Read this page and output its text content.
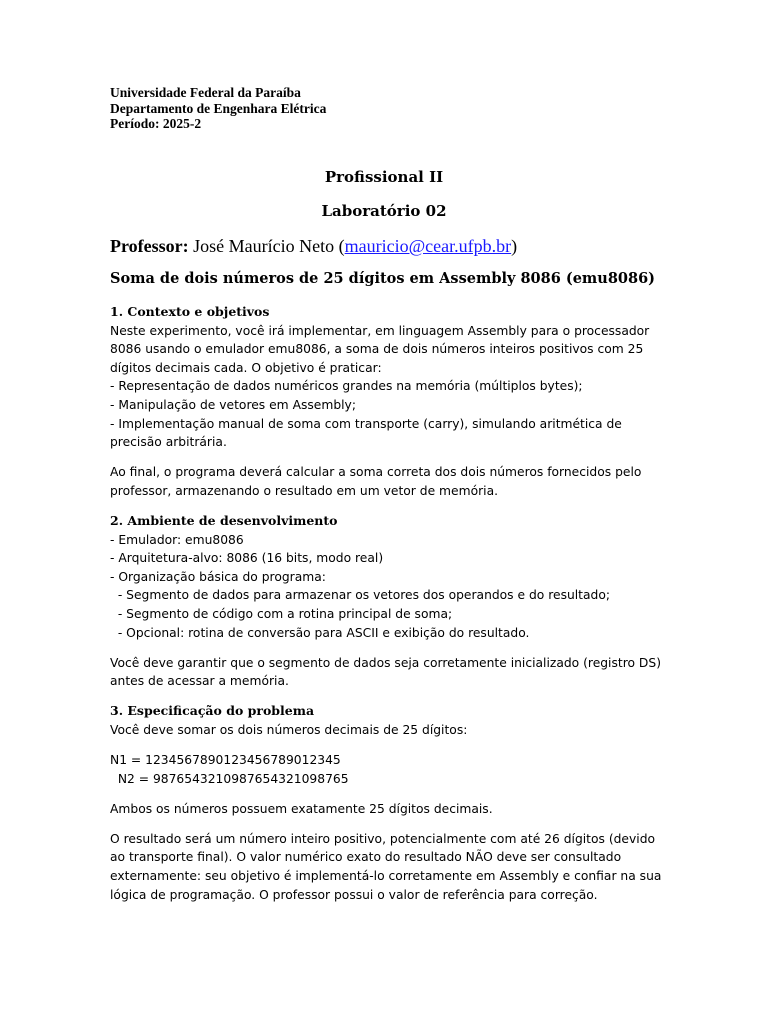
Universidade Federal da Paraíba
Departamento de Engenhara Elétrica
Período: 2025-2
Profissional II
Laboratório 02
Professor: José Maurício Neto (mauricio@cear.ufpb.br)
Soma de dois números de 25 dígitos em Assembly 8086 (emu8086)
1. Contexto e objetivos

Neste experimento, você irá implementar, em linguagem Assembly para o processador 8086 usando o emulador emu8086, a soma de dois números inteiros positivos com 25 dígitos decimais cada. O objetivo é praticar:

- Representação de dados numéricos grandes na memória (múltiplos bytes);

- Manipulação de vetores em Assembly;

- Implementação manual de soma com transporte (carry), simulando aritmética de precisão arbitrária.

Ao final, o programa deverá calcular a soma correta dos dois números fornecidos pelo professor, armazenando o resultado em um vetor de memória.

2. Ambiente de desenvolvimento

- Emulador: emu8086

- Arquitetura-alvo: 8086 (16 bits, modo real)

- Organização básica do programa:

- Segmento de dados para armazenar os vetores dos operandos e do resultado;

- Segmento de código com a rotina principal de soma;

- Opcional: rotina de conversão para ASCII e exibição do resultado.

Você deve garantir que o segmento de dados seja corretamente inicializado (registro DS) antes de acessar a memória.

3. Especificação do problema

Você deve somar os dois números decimais de 25 dígitos:

N1 = 1234567890123456789012345

N2 = 9876543210987654321098765

Ambos os números possuem exatamente 25 dígitos decimais.

O resultado será um número inteiro positivo, potencialmente com até 26 dígitos (devido ao transporte final). O valor numérico exato do resultado NÃO deve ser consultado externamente: seu objetivo é implementá-lo corretamente em Assembly e confiar na sua lógica de programação. O professor possui o valor de referência para correção.
